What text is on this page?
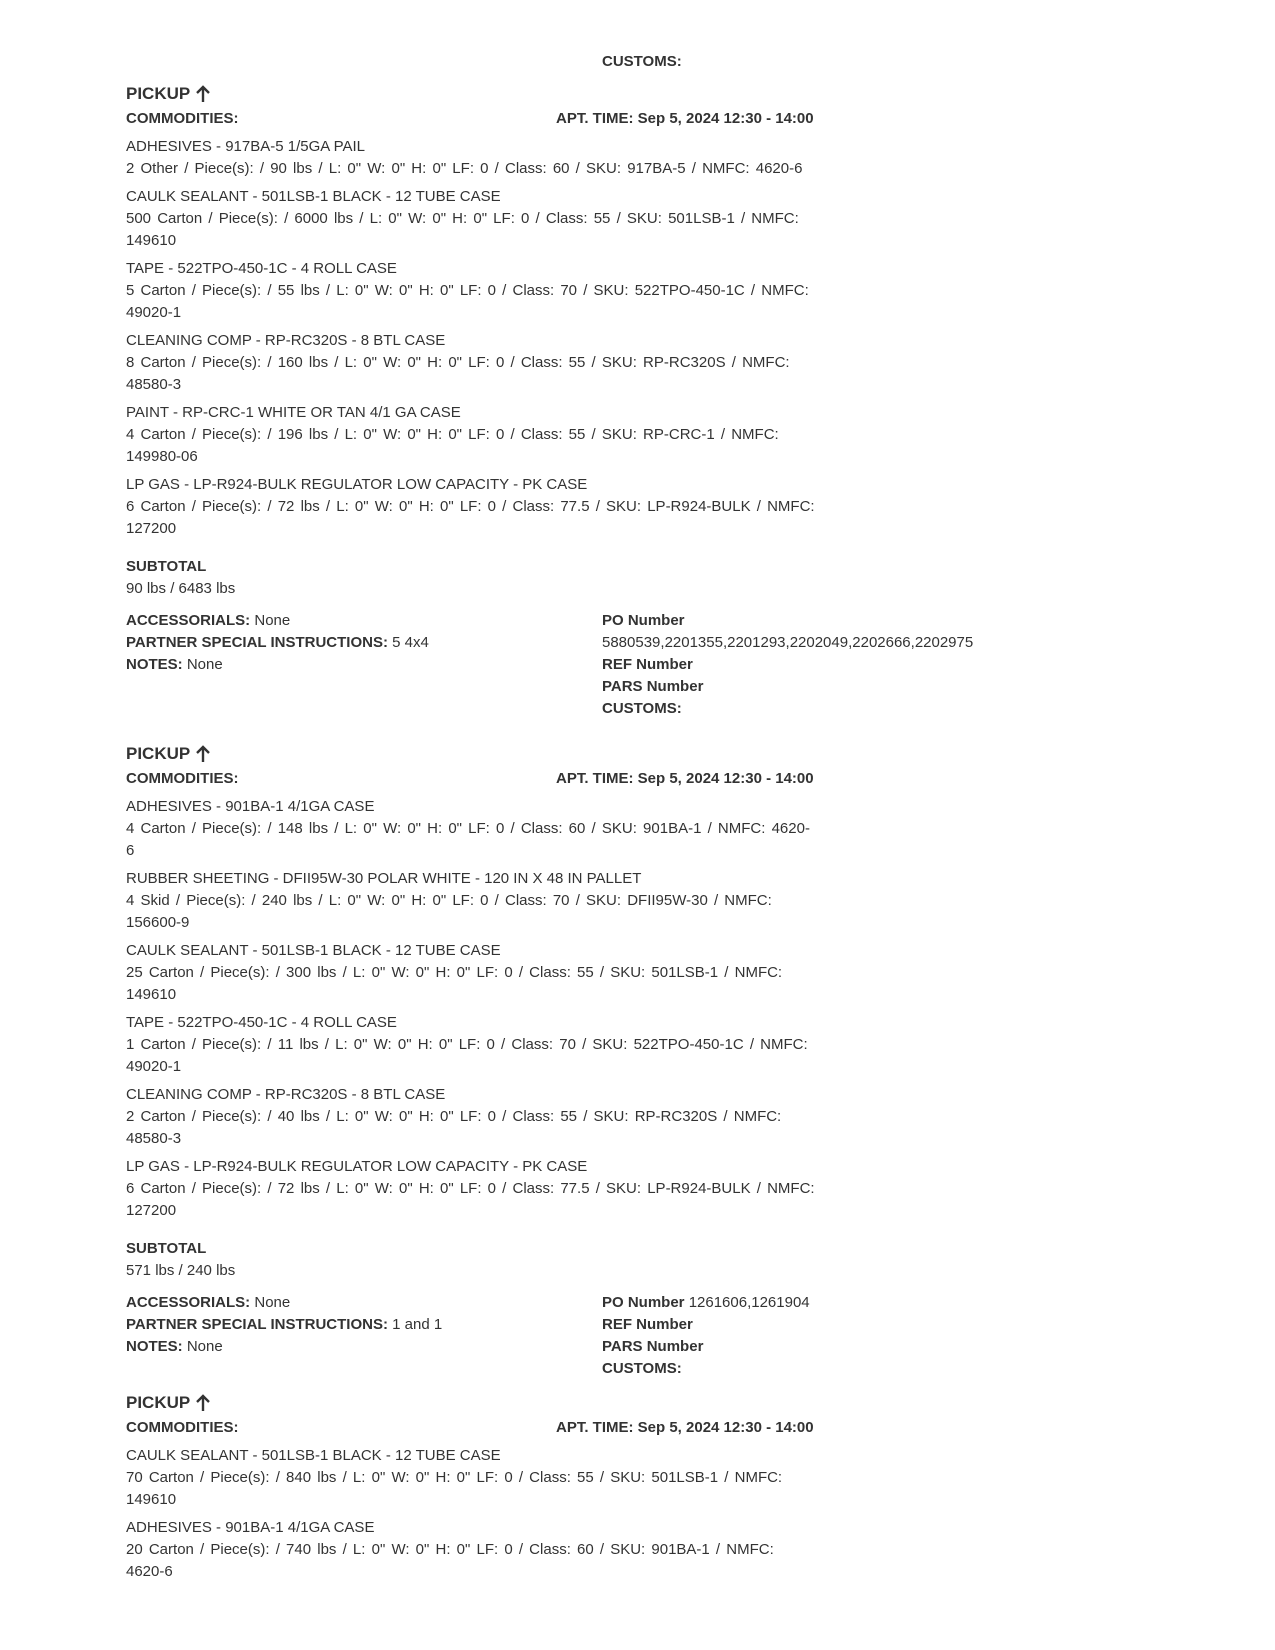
CUSTOMS:
PICKUP
COMMODITIES:	APT. TIME: Sep 5, 2024 12:30 - 14:00
ADHESIVES - 917BA-5 1/5GA PAIL
2 Other / Piece(s): / 90 lbs / L: 0" W: 0" H: 0" LF: 0 / Class: 60 / SKU: 917BA-5 / NMFC: 4620-6
CAULK SEALANT - 501LSB-1 BLACK - 12 TUBE CASE
500 Carton / Piece(s): / 6000 lbs / L: 0" W: 0" H: 0" LF: 0 / Class: 55 / SKU: 501LSB-1 / NMFC: 149610
TAPE - 522TPO-450-1C - 4 ROLL CASE
5 Carton / Piece(s): / 55 lbs / L: 0" W: 0" H: 0" LF: 0 / Class: 70 / SKU: 522TPO-450-1C / NMFC: 49020-1
CLEANING COMP - RP-RC320S - 8 BTL CASE
8 Carton / Piece(s): / 160 lbs / L: 0" W: 0" H: 0" LF: 0 / Class: 55 / SKU: RP-RC320S / NMFC: 48580-3
PAINT - RP-CRC-1 WHITE OR TAN 4/1 GA CASE
4 Carton / Piece(s): / 196 lbs / L: 0" W: 0" H: 0" LF: 0 / Class: 55 / SKU: RP-CRC-1 / NMFC: 149980-06
LP GAS - LP-R924-BULK REGULATOR LOW CAPACITY - PK CASE
6 Carton / Piece(s): / 72 lbs / L: 0" W: 0" H: 0" LF: 0 / Class: 77.5 / SKU: LP-R924-BULK / NMFC: 127200
SUBTOTAL
90 lbs / 6483 lbs
ACCESSORIALS: None
PARTNER SPECIAL INSTRUCTIONS: 5 4x4
NOTES: None
PO Number
5880539,2201355,2201293,2202049,2202666,2202975
REF Number
PARS Number
CUSTOMS:
PICKUP
COMMODITIES:	APT. TIME: Sep 5, 2024 12:30 - 14:00
ADHESIVES - 901BA-1 4/1GA CASE
4 Carton / Piece(s): / 148 lbs / L: 0" W: 0" H: 0" LF: 0 / Class: 60 / SKU: 901BA-1 / NMFC: 4620-6
RUBBER SHEETING - DFII95W-30 POLAR WHITE - 120 IN X 48 IN PALLET
4 Skid / Piece(s): / 240 lbs / L: 0" W: 0" H: 0" LF: 0 / Class: 70 / SKU: DFII95W-30 / NMFC: 156600-9
CAULK SEALANT - 501LSB-1 BLACK - 12 TUBE CASE
25 Carton / Piece(s): / 300 lbs / L: 0" W: 0" H: 0" LF: 0 / Class: 55 / SKU: 501LSB-1 / NMFC: 149610
TAPE - 522TPO-450-1C - 4 ROLL CASE
1 Carton / Piece(s): / 11 lbs / L: 0" W: 0" H: 0" LF: 0 / Class: 70 / SKU: 522TPO-450-1C / NMFC: 49020-1
CLEANING COMP - RP-RC320S - 8 BTL CASE
2 Carton / Piece(s): / 40 lbs / L: 0" W: 0" H: 0" LF: 0 / Class: 55 / SKU: RP-RC320S / NMFC: 48580-3
LP GAS - LP-R924-BULK REGULATOR LOW CAPACITY - PK CASE
6 Carton / Piece(s): / 72 lbs / L: 0" W: 0" H: 0" LF: 0 / Class: 77.5 / SKU: LP-R924-BULK / NMFC: 127200
SUBTOTAL
571 lbs / 240 lbs
ACCESSORIALS: None
PARTNER SPECIAL INSTRUCTIONS: 1 and 1
NOTES: None
PO Number 1261606,1261904
REF Number
PARS Number
CUSTOMS:
PICKUP
COMMODITIES:	APT. TIME: Sep 5, 2024 12:30 - 14:00
CAULK SEALANT - 501LSB-1 BLACK - 12 TUBE CASE
70 Carton / Piece(s): / 840 lbs / L: 0" W: 0" H: 0" LF: 0 / Class: 55 / SKU: 501LSB-1 / NMFC: 149610
ADHESIVES - 901BA-1 4/1GA CASE
20 Carton / Piece(s): / 740 lbs / L: 0" W: 0" H: 0" LF: 0 / Class: 60 / SKU: 901BA-1 / NMFC: 4620-6
